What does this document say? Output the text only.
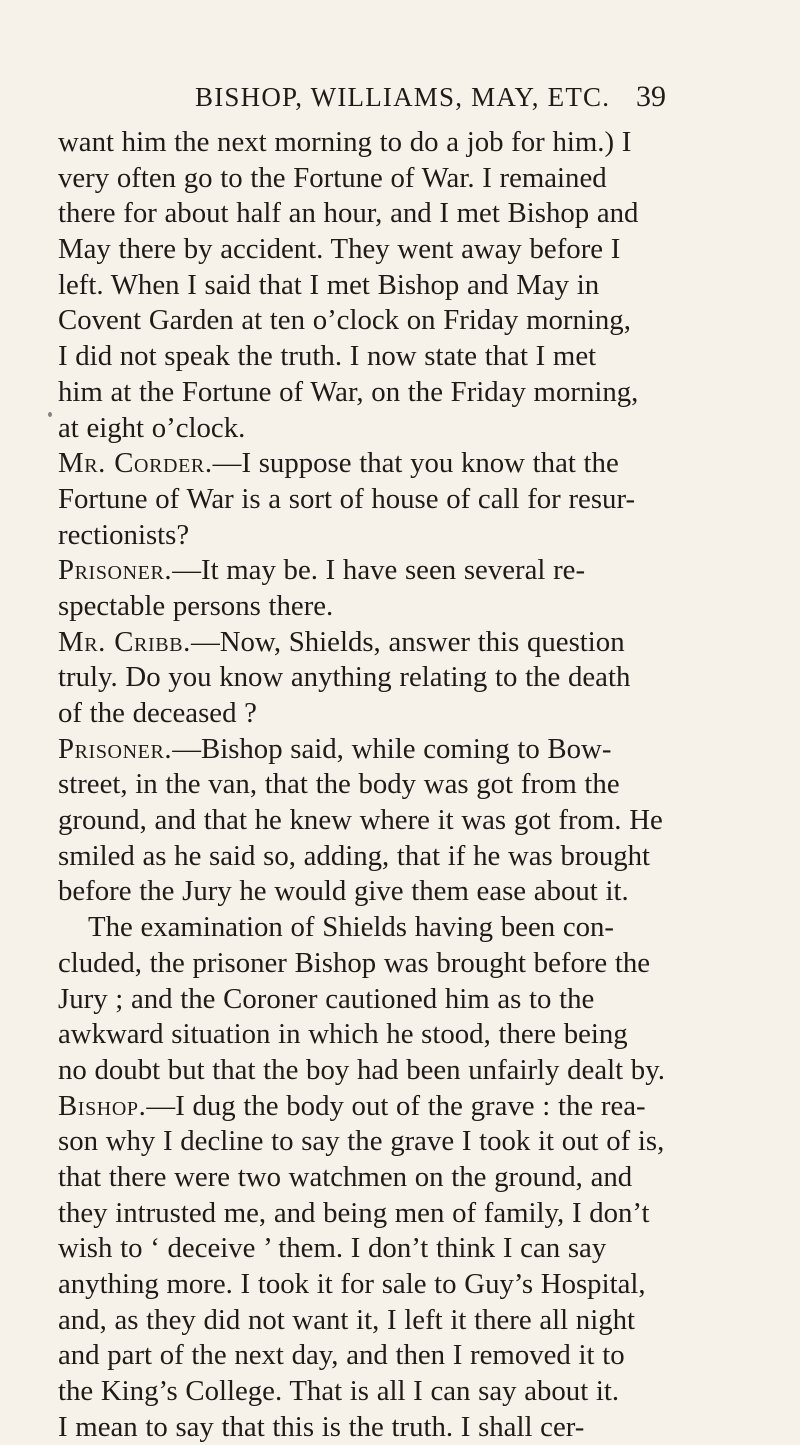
BISHOP, WILLIAMS, MAY, ETC. 39
want him the next morning to do a job for him.) I
very often go to the Fortune of War. I remained
there for about half an hour, and I met Bishop and
May there by accident. They went away before I
left. When I said that I met Bishop and May in
Covent Garden at ten o’clock on Friday morning,
I did not speak the truth. I now state that I met
him at the Fortune of War, on the Friday morning,
at eight o’clock.
Mr. Corder.—I suppose that you know that the
Fortune of War is a sort of house of call for resur-
rectionists?
Prisoner.—It may be. I have seen several re-
spectable persons there.
Mr. Cribb.—Now, Shields, answer this question
truly. Do you know anything relating to the death
of the deceased ?
Prisoner.—Bishop said, while coming to Bow-
street, in the van, that the body was got from the
ground, and that he knew where it was got from. He
smiled as he said so, adding, that if he was brought
before the Jury he would give them ease about it.
The examination of Shields having been con-
cluded, the prisoner Bishop was brought before the
Jury ; and the Coroner cautioned him as to the
awkward situation in which he stood, there being
no doubt but that the boy had been unfairly dealt by.
Bishop.—I dug the body out of the grave : the rea-
son why I decline to say the grave I took it out of is,
that there were two watchmen on the ground, and
they intrusted me, and being men of family, I don’t
wish to ‘ deceive ’ them. I don’t think I can say
anything more. I took it for sale to Guy’s Hospital,
and, as they did not want it, I left it there all night
and part of the next day, and then I removed it to
the King’s College. That is all I can say about it.
I mean to say that this is the truth. I shall cer-
